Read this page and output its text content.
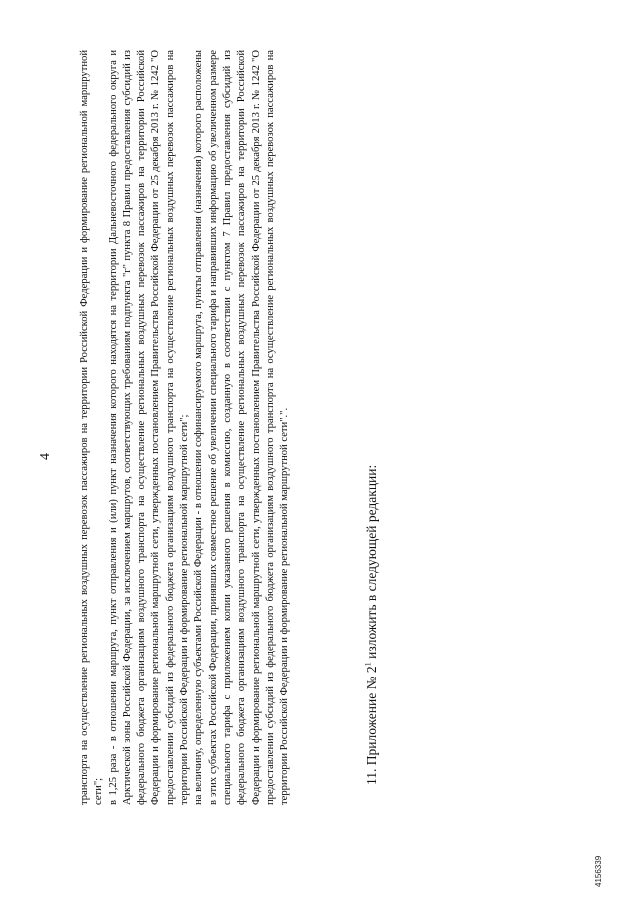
4 транспорта на осуществление региональных воздушных перевозок пассажиров на территории Российской Федерации и формирование региональной маршрутной сети"; в 1,25 раза - в отношении маршрута, пункт отправления и (или) пункт назначения которого находятся на территории Дальневосточного федерального округа и Арктической зоны Российской Федерации, за исключением маршрутов, соответствующих требованиям подпункта "г" пункта 8 Правил предоставления субсидий из федерального бюджета организациям воздушного транспорта на осуществление региональных воздушных перевозок пассажиров на территории Российской Федерации и формирование региональной маршрутной сети, утвержденных постановлением Правительства Российской Федерации от 25 декабря 2013 г. № 1242 "О предоставлении субсидий из федерального бюджета организациям воздушного транспорта на осуществление региональных воздушных перевозок пассажиров на территории Российской Федерации и формирование региональной маршрутной сети"; на величину, определенную субъектами Российской Федерации - в отношении софинансируемого маршрута, пункты отправления (назначения) которого расположены в этих субъектах Российской Федерации, принявших совместное решение об увеличении специального тарифа и направивших информацию об увеличенном размере специального тарифа с приложением копии указанного решения в комиссию, созданную в соответствии с пунктом 7 Правил предоставления субсидий из федерального бюджета организациям воздушного транспорта на осуществление региональных воздушных перевозок пассажиров на территории Российской Федерации и формирование региональной маршрутной сети, утвержденных постановлением Правительства Российской Федерации от 25 декабря 2013 г. № 1242 "О предоставлении субсидий из федерального бюджета организациям воздушного транспорта на осуществление региональных воздушных перевозок пассажиров на территории Российской Федерации и формирование региональной маршрутной сети".".	11. Приложение № $2^1$ изложить в следующей редакции:
4156339
